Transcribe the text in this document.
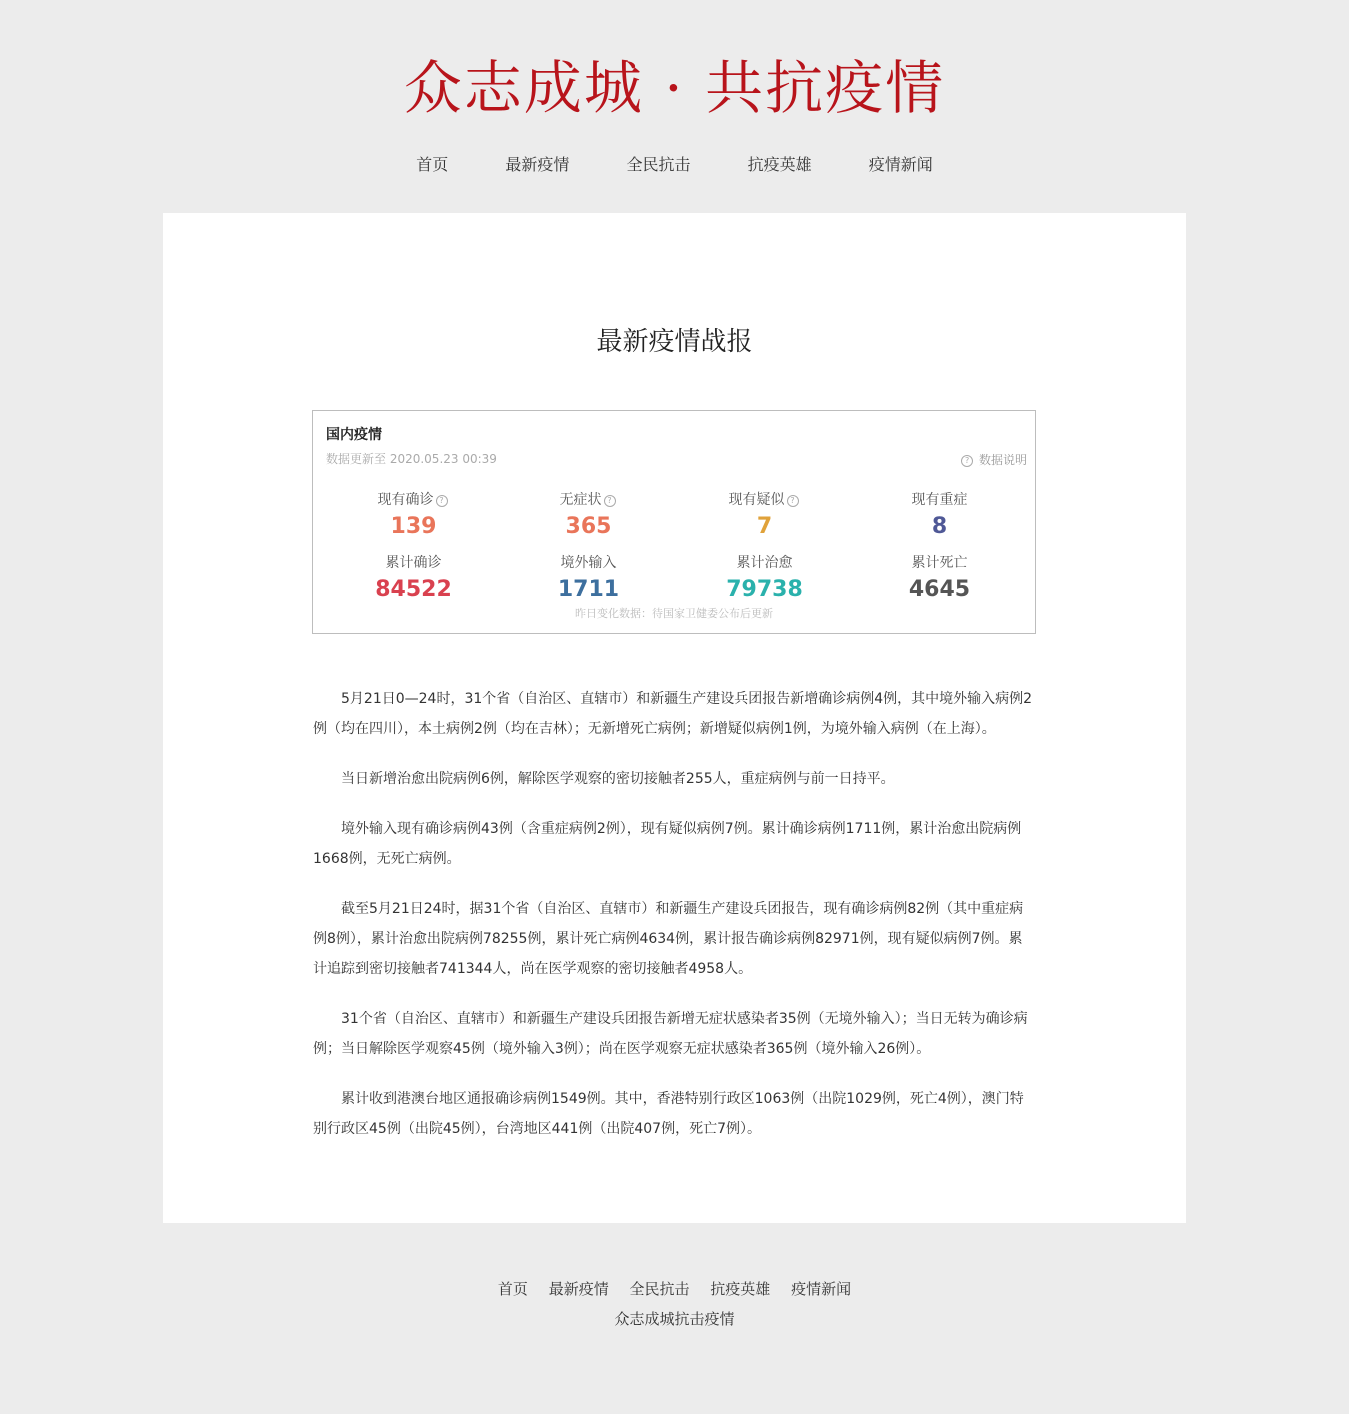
众志成城 · 共抗疫情
首页	最新疫情	全民抗击	抗疫英雄	疫情新闻
最新疫情战报
国内疫情
数据更新至 2020.05.23 00:39	? 数据说明
现有确诊 ?
139
无症状 ?
365
现有疑似 ?
7
现有重症
8
累计确诊
84522
境外输入
1711
累计治愈
79738
累计死亡
4645
昨日变化数据：待国家卫健委公布后更新

5月21日0—24时，31个省（自治区、直辖市）和新疆生产建设兵团报告新增确诊病例4例，其中境外输入病例2例（均在四川），本土病例2例（均在吉林）；无新增死亡病例；新增疑似病例1例，为境外输入病例（在上海）。

当日新增治愈出院病例6例，解除医学观察的密切接触者255人，重症病例与前一日持平。

境外输入现有确诊病例43例（含重症病例2例），现有疑似病例7例。累计确诊病例1711例，累计治愈出院病例1668例，无死亡病例。

截至5月21日24时，据31个省（自治区、直辖市）和新疆生产建设兵团报告，现有确诊病例82例（其中重症病例8例），累计治愈出院病例78255例，累计死亡病例4634例，累计报告确诊病例82971例，现有疑似病例7例。累计追踪到密切接触者741344人，尚在医学观察的密切接触者4958人。

31个省（自治区、直辖市）和新疆生产建设兵团报告新增无症状感染者35例（无境外输入）；当日无转为确诊病例；当日解除医学观察45例（境外输入3例）；尚在医学观察无症状感染者365例（境外输入26例）。

累计收到港澳台地区通报确诊病例1549例。其中，香港特别行政区1063例（出院1029例，死亡4例），澳门特别行政区45例（出院45例），台湾地区441例（出院407例，死亡7例）。

首页 最新疫情 全民抗击 抗疫英雄 疫情新闻
众志成城抗击疫情
